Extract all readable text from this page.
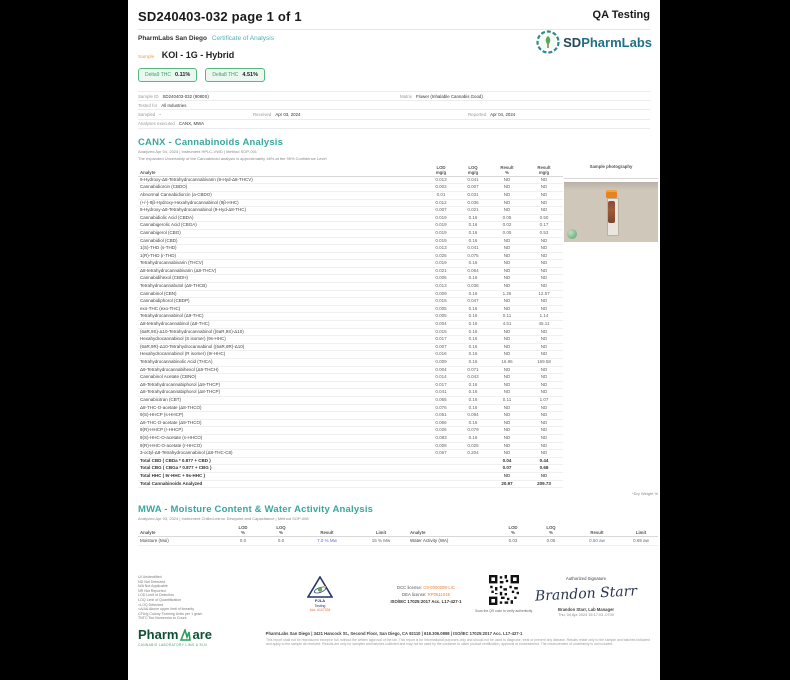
SD240403-032 page 1 of 1	QA Testing
PharmLabs San Diego Certificate of Analysis
Sample KOI - 1G - Hybrid
Delta9 THC 0.11%	Delta8 THC 4.51%
SDPharmLabs
Sample ID SD240403-032 (9080S)	Matrix Flower (Inhalable Cannabis Good)
Tested for All Industries
Sampled -	Received Apr 03, 2024	Reported Apr 04, 2024
Analyses executed CANX, MWA
CANX - Cannabinoids Analysis
Analyzed Apr 04, 2024 | Instrument HPLC-VWD | Method SOP-001
The expanded Uncertainty of the Cannabinoid analysis is approximately ±8% at the 95% Confidence Level
Sample photography
Analyte

LOD
mg/g

LOQ
mg/g

Result
%

Result
mg/g

9-Hydroxy-Δ8-Tetrahydrocannabivarin (9-Hyd-Δ8-THCV)	0.013	0.041	ND	ND
Cannabidiorcin (CBDO)	0.002	0.007	ND	ND
Abnormal Cannabidiorcin (a-CBDO)	0.01	0.031	ND	ND
(+/-)-9β-Hydroxy-Hexahydrocannabinol (9β-HHC)	0.012	0.036	ND	ND
9-Hydroxy-Δ8-Tetrahydrocannabinol (9-Hyd-Δ8-THC)	0.007	0.021	ND	ND
Cannabidiolic Acid (CBDA)	0.019	0.16	0.05	0.50
Cannabigerolic Acid (CBGA)	0.019	0.16	0.02	0.17
Cannabigerol (CBG)	0.019	0.16	0.05	0.53
Cannabidiol (CBD)	0.019	0.16	ND	ND
1(S)-THD (s-THD)	0.013	0.041	ND	ND
1(R)-THD (r-THD)	0.025	0.075	ND	ND
Tetrahydrocannabivarin (THCV)	0.019	0.16	ND	ND
Δ8-tetrahydrocannabivarin (Δ8-THCV)	0.021	0.064	ND	ND
Cannabidihexol (CBDH)	0.005	0.16	ND	ND
Tetrahydrocannabutol (Δ9-THCB)	0.013	0.038	ND	ND
Cannabinol (CBN)	0.009	0.16	1.26	12.57
Cannabidiphorol (CBDP)	0.015	0.047	ND	ND
exo-THC (exo-THC)	0.005	0.16	ND	ND
Tetrahydrocannabinol (Δ9-THC)	0.005	0.16	0.11	1.14
Δ8-tetrahydrocannabinol (Δ8-THC)	0.004	0.16	4.51	45.11
(6aR,9S)-Δ10-Tetrahydrocannabinol ((6aR,9S)-Δ10)	0.015	0.16	ND	ND
Hexahydrocannabinol (S isomer) (9s-HHC)	0.017	0.16	ND	ND
(6aR,9R)-Δ10-Tetrahydrocannabinol ((6aR,9R)-Δ10)	0.007	0.16	ND	ND
Hexahydrocannabinol (R isomer) (9r-HHC)	0.016	0.16	ND	ND
Tetrahydrocannabinolic Acid (THCA)	0.009	0.16	16.96	169.58
Δ9-Tetrahydrocannabihexol (Δ9-THCH)	0.004	0.071	ND	ND
Cannabinol Acetate (CBNO)	0.014	0.043	ND	ND
Δ9-Tetrahydrocannabiphorol (Δ9-THCP)	0.017	0.16	ND	ND
Δ8-Tetrahydrocannabiphorol (Δ8-THCP)	0.041	0.16	ND	ND
Cannabicitran (CBT)	0.065	0.16	0.11	1.07
Δ8-THC-O-acetate (Δ8-THCO)	0.076	0.16	ND	ND
9(S)-HHCP (s-HHCP)	0.051	0.094	ND	ND
Δ9-THC-O-acetate (Δ9-THCO)	0.066	0.16	ND	ND
9(R)-HHCP (r-HHCP)	0.026	0.079	ND	ND
9(S)-HHC-O-acetate (s-HHCO)	0.083	0.16	ND	ND
9(R)-HHC-O-acetate (r-HHCO)	0.008	0.025	ND	ND
3-octyl-Δ8-Tetrahydrocannabinol (Δ8-THC-C8)	0.067	0.204	ND	ND
Total CBD ( CBDa * 0.877 + CBD )			0.04	0.44
Total CBG ( CBGa * 0.877 + CBG )			0.07	0.68
Total HHC ( 9r-HHC + 9s-HHC )			ND	ND
Total Cannabinoids Analyzed			20.97	209.73
*Dry Weight %
MWA - Moisture Content & Water Activity Analysis
Analyzed Apr 03, 2024 | Instrument Chilled-mirror Dewpoint and Capacitance | Method SOP-008
Analyte

LOD
%

LOQ
%	Result	Limit	Analyte

LOD
%

LOQ
%	Result	Limit

Moisture (Moi)	0.0	0.0	7.0 % Mw	15 % Mw	Water Activity (WA)	0.03	0.05	0.50 aw	0.65 aw
UI Unidentified
ND Not Detected
N/A Not Applicable
NR Not Reported
LOD Limit of Detection
LOQ Limit of Quantification
<LOQ Detected
<A/ΔA Above upper limit of linearity
CFU/g Colony Forming Units per 1 gram
TNTC Too Numerous to Count
PJLA
Testing
Acc. #107334
DCC license: C8-0000098-LIC
DEA license: RP0611045
ISO/IEC 17025:2017 Acc. L17-427-1
Scan the QR code to verify authenticity.
Authorized Signature
Brandon Starr
Brandon Starr, Lab Manager
Thu, 04 Apr 2024 15:17:03 -0700
PharmLabs San Diego | 3421 Hancock St., Second Floor, San Diego, CA 92110 | 619.306.0898 | ISO/IEC 17025:2017 Acc. L17-427-1
This report shall not be reproduced except in full, without the written approval of the lab. This report is for informational purposes only and should not be used to diagnose, treat or prevent any disease. Results relate only to the sample and batches indicated and apply to the sample as received. Results are only for samples and batches collected and may not be used by the customer to claim product certification, approval or endorsement. The measurement of uncertainty is not included.
Pharm are
CANNABIS LABORATORY LIMS & ELN
